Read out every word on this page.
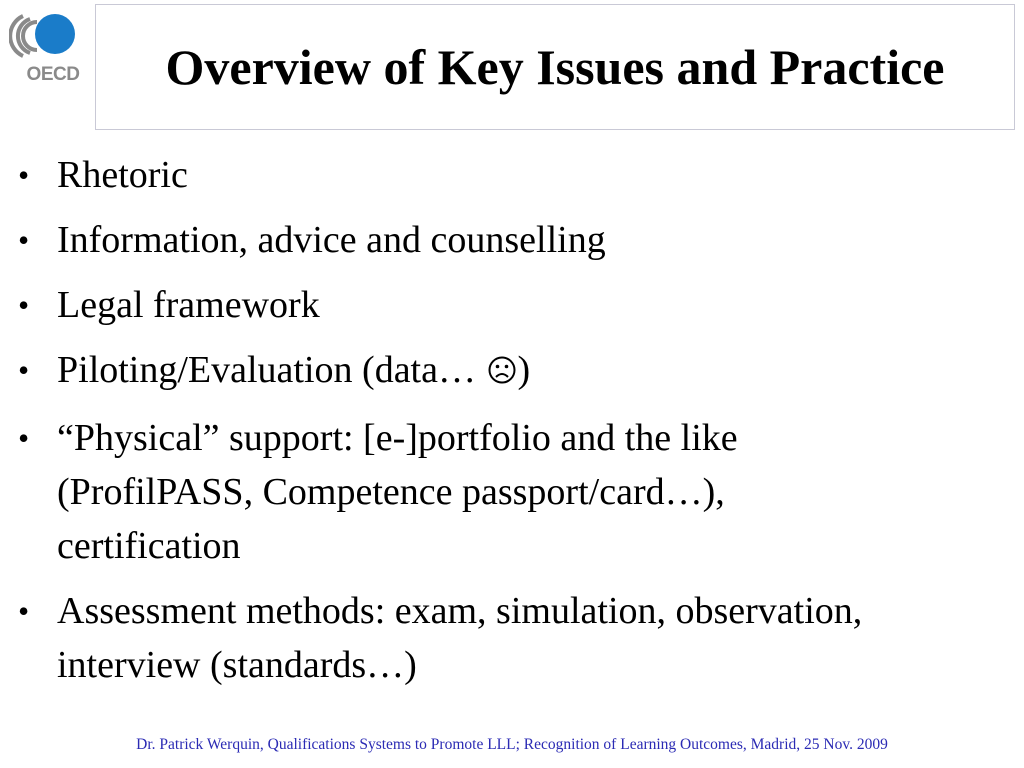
OECD Overview of Key Issues and Practice
• Rhetoric
• Information, advice and counselling
• Legal framework
• Piloting/Evaluation (data… )
• “Physical” support: [e-]portfolio and the like (ProfilPASS, Competence passport/card…), certification
• Assessment methods: exam, simulation, observation, interview (standards…)
Dr. Patrick Werquin, Qualifications Systems to Promote LLL; Recognition of Learning Outcomes, Madrid, 25 Nov. 2009
